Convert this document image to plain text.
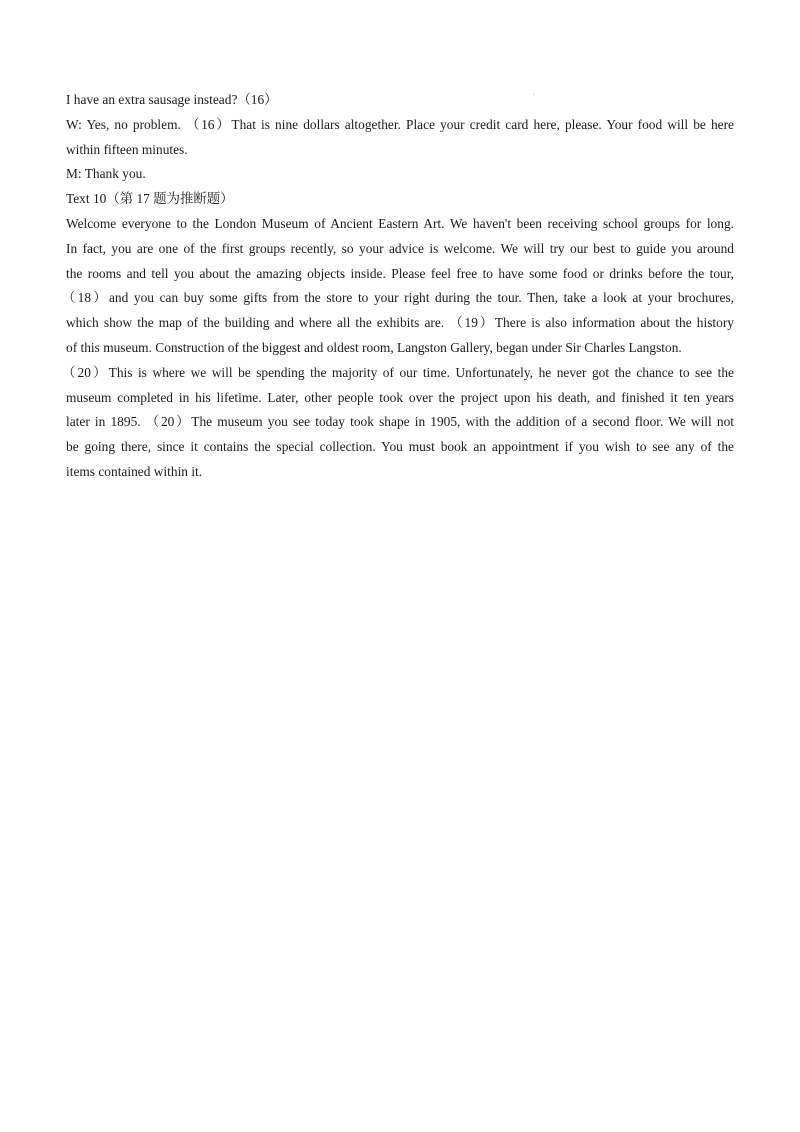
I have an extra sausage instead?（16）
W: Yes, no problem. （16）That is nine dollars altogether. Place your credit card here, please. Your food will be here
within fifteen minutes.
M: Thank you.
Text 10（第 17 题为推断题）
Welcome everyone to the London Museum of Ancient Eastern Art. We haven't been receiving school groups for long.
In fact, you are one of the first groups recently, so your advice is welcome. We will try our best to guide you around
the rooms and tell you about the amazing objects inside. Please feel free to have some food or drinks before the tour,
（18）and you can buy some gifts from the store to your right during the tour. Then, take a look at your brochures,
which show the map of the building and where all the exhibits are. （19）There is also information about the history
of this museum. Construction of the biggest and oldest room, Langston Gallery, began under Sir Charles Langston.
（20）This is where we will be spending the majority of our time. Unfortunately, he never got the chance to see the
museum completed in his lifetime. Later, other people took over the project upon his death, and finished it ten years
later in 1895. （20）The museum you see today took shape in 1905, with the addition of a second floor. We will not
be going there, since it contains the special collection. You must book an appointment if you wish to see any of the
items contained within it.
